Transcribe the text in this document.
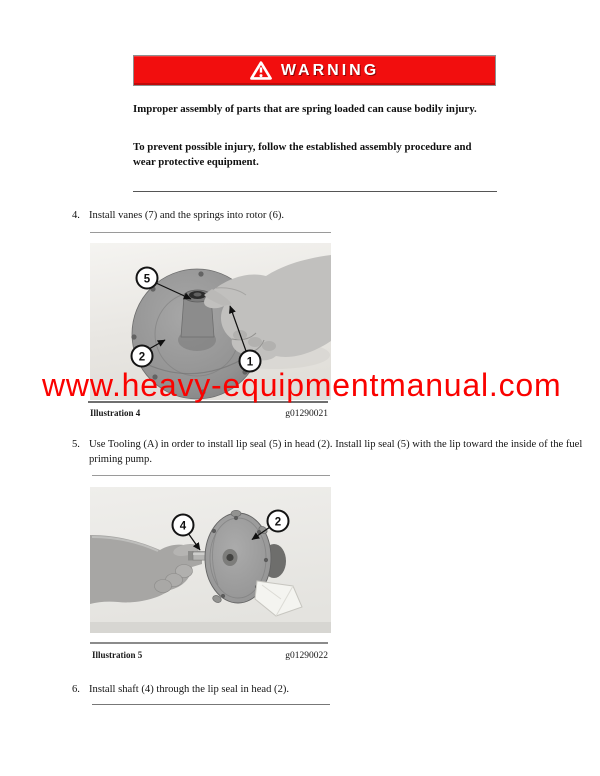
WARNING
Improper assembly of parts that are spring loaded can cause bodily injury.
To prevent possible injury, follow the established assembly procedure and wear protective equipment.
4. Install vanes (7) and the springs into rotor (6).
5
2	1
Illustration 4	g01290021
5. Use Tooling (A) in order to install lip seal (5) in head (2). Install lip seal (5) with the lip toward the inside of the fuel priming pump.
4	2
Illustration 5	g01290022
6. Install shaft (4) through the lip seal in head (2).
www.heavy-equipmentmanual.com
